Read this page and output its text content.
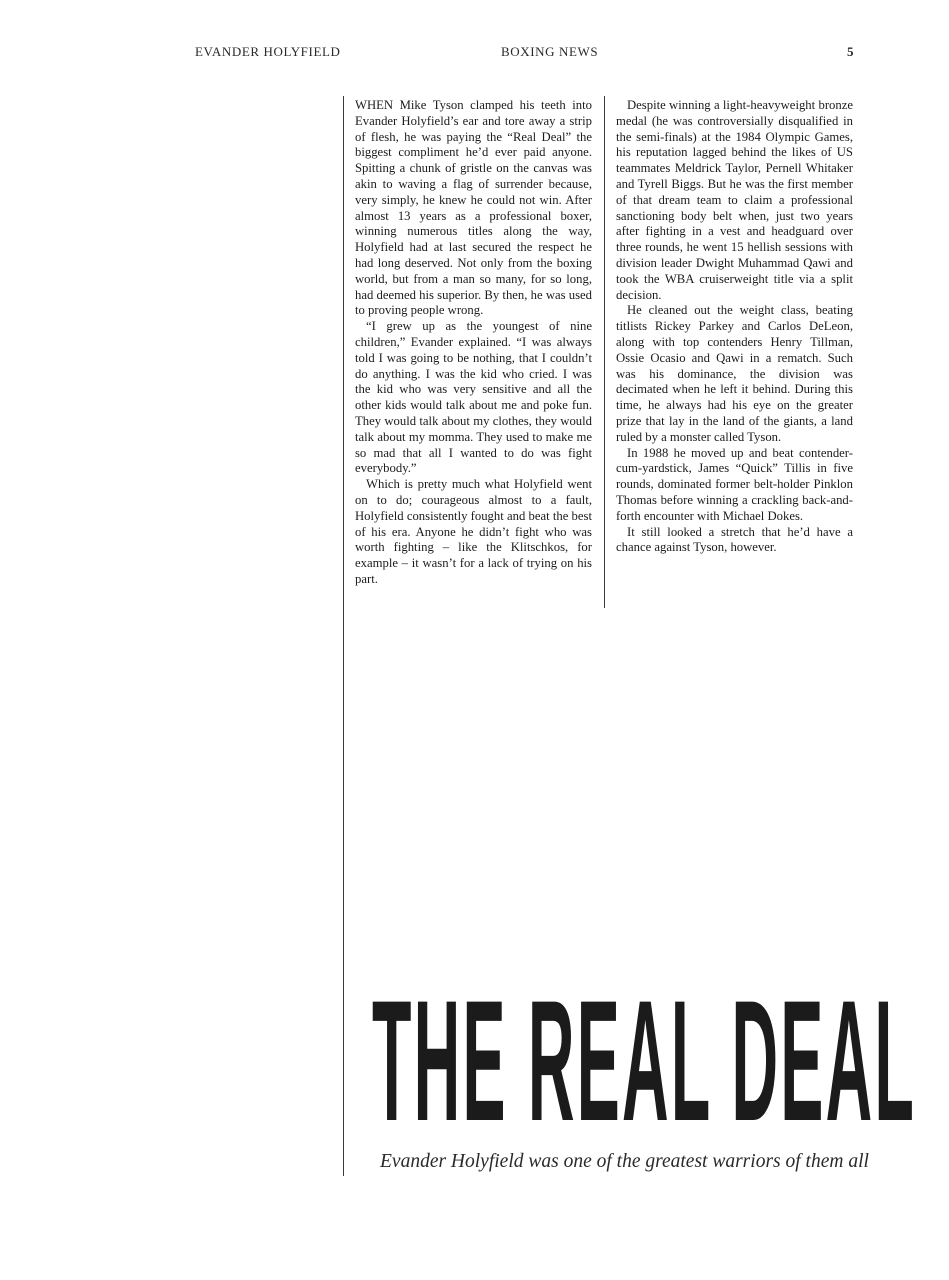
EVANDER HOLYFIELD	BOXING NEWS	5

WHEN Mike Tyson clamped his teeth into Evander Holyfield’s ear and tore away a strip of flesh, he was paying the “Real Deal” the biggest compliment he’d ever paid anyone. Spitting a chunk of gristle on the canvas was akin to waving a flag of surrender because, very simply, he knew he could not win. After almost 13 years as a professional boxer, winning numerous titles along the way, Holyfield had at last secured the respect he had long deserved. Not only from the boxing world, but from a man so many, for so long, had deemed his superior. By then, he was used to proving people wrong.

“I grew up as the youngest of nine children,” Evander explained. “I was always told I was going to be nothing, that I couldn’t do anything. I was the kid who cried. I was the kid who was very sensitive and all the other kids would talk about me and poke fun. They would talk about my clothes, they would talk about my momma. They used to make me so mad that all I wanted to do was fight everybody.”

Which is pretty much what Holyfield went on to do; courageous almost to a fault, Holyfield consistently fought and beat the best of his era. Anyone he didn’t fight who was worth fighting – like the Klitschkos, for example – it wasn’t for a lack of trying on his part.

Despite winning a light-heavyweight bronze medal (he was controversially disqualified in the semi-finals) at the 1984 Olympic Games, his reputation lagged behind the likes of US teammates Meldrick Taylor, Pernell Whitaker and Tyrell Biggs. But he was the first member of that dream team to claim a professional sanctioning body belt when, just two years after fighting in a vest and headguard over three rounds, he went 15 hellish sessions with division leader Dwight Muhammad Qawi and took the WBA cruiserweight title via a split decision.

He cleaned out the weight class, beating titlists Rickey Parkey and Carlos DeLeon, along with top contenders Henry Tillman, Ossie Ocasio and Qawi in a rematch. Such was his dominance, the division was decimated when he left it behind. During this time, he always had his eye on the greater prize that lay in the land of the giants, a land ruled by a monster called Tyson.

In 1988 he moved up and beat contender-cum-yardstick, James “Quick” Tillis in five rounds, dominated former belt-holder Pinklon Thomas before winning a crackling back-and-forth encounter with Michael Dokes.

It still looked a stretch that he’d have a chance against Tyson, however.

THE REAL DEAL

Evander Holyfield was one of the greatest warriors of them all
